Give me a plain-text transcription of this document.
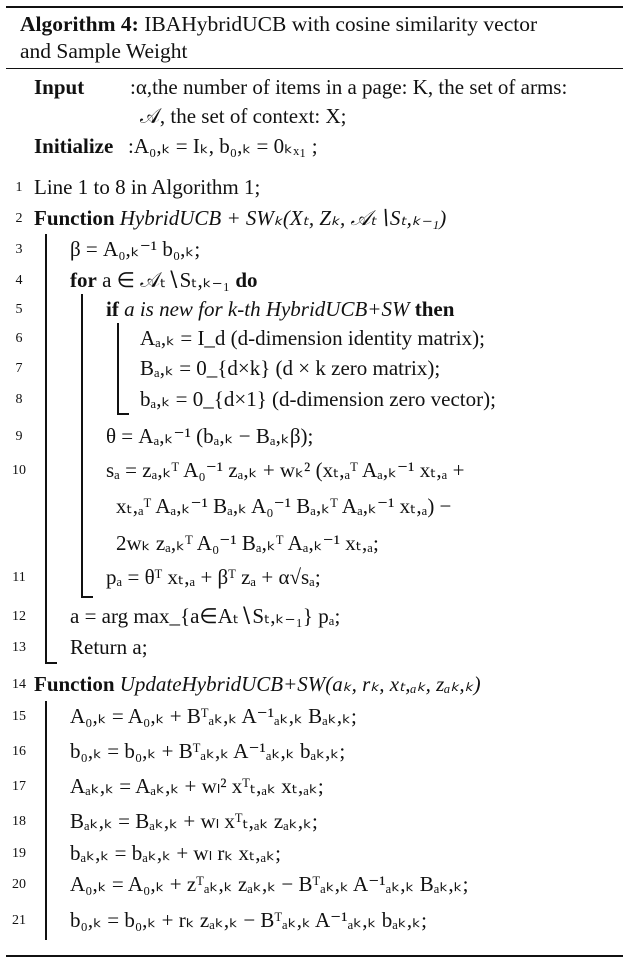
Algorithm 4: IBAHybridUCB with cosine similarity vector
and Sample Weight
Input :α,the number of items in a page: K, the set of arms:
𝒜, the set of context: X;
Initialize :A₀,ₖ = Iₖ, b₀,ₖ = 0ₖₓ₁ ;
1 Line 1 to 8 in Algorithm 1;
2 Function HybridUCB + SWₖ(Xₜ, Zₖ, 𝒜ₜ∖Sₜ,ₖ₋₁)
3	β = A₀,ₖ⁻¹ b₀,ₖ;
4	for a ∈ 𝒜ₜ∖Sₜ,ₖ₋₁ do
5	if a is new for k-th HybridUCB+SW then
6	Aₐ,ₖ = I_d (d-dimension identity matrix);
7	Bₐ,ₖ = 0_{d×k} (d × k zero matrix);
8	bₐ,ₖ = 0_{d×1} (d-dimension zero vector);
9	θ = Aₐ,ₖ⁻¹ (bₐ,ₖ − Bₐ,ₖβ);
10	sₐ = zₐ,ₖᵀ A₀⁻¹ zₐ,ₖ + wₖ² (xₜ,ₐᵀ Aₐ,ₖ⁻¹ xₜ,ₐ +
xₜ,ₐᵀ Aₐ,ₖ⁻¹ Bₐ,ₖ A₀⁻¹ Bₐ,ₖᵀ Aₐ,ₖ⁻¹ xₜ,ₐ) −
2wₖ zₐ,ₖᵀ A₀⁻¹ Bₐ,ₖᵀ Aₐ,ₖ⁻¹ xₜ,ₐ;
11	pₐ = θᵀ xₜ,ₐ + βᵀ zₐ + α√sₐ;
12 a = arg max_{a∈Aₜ∖Sₜ,ₖ₋₁} pₐ;
13 Return a;
14 Function UpdateHybridUCB+SW(aₖ, rₖ, xₜ,ₐₖ, zₐₖ,ₖ)
15 A₀,ₖ = A₀,ₖ + Bᵀₐₖ,ₖ A⁻¹ₐₖ,ₖ Bₐₖ,ₖ;
16 b₀,ₖ = b₀,ₖ + Bᵀₐₖ,ₖ A⁻¹ₐₖ,ₖ bₐₖ,ₖ;
17 Aₐₖ,ₖ = Aₐₖ,ₖ + wₗ² xᵀₜ,ₐₖ xₜ,ₐₖ;
18 Bₐₖ,ₖ = Bₐₖ,ₖ + wₗ xᵀₜ,ₐₖ zₐₖ,ₖ;
19 bₐₖ,ₖ = bₐₖ,ₖ + wₗ rₖ xₜ,ₐₖ;
20 A₀,ₖ = A₀,ₖ + zᵀₐₖ,ₖ zₐₖ,ₖ − Bᵀₐₖ,ₖ A⁻¹ₐₖ,ₖ Bₐₖ,ₖ;
21 b₀,ₖ = b₀,ₖ + rₖ zₐₖ,ₖ − Bᵀₐₖ,ₖ A⁻¹ₐₖ,ₖ bₐₖ,ₖ;
